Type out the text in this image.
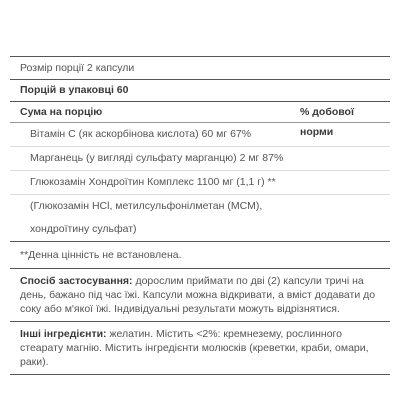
Розмір порції 2 капсули
Порцій в упаковці 60
Сума на порцію	% добової норми
Вітамін C (як аскорбінова кислота) 60 мг 67%
Марганець (у вигляді сульфату марганцю) 2 мг 87%
Глюкозамін Хондроїтин Комплекс 1100 мг (1,1 г) **
(Глюкозамін HCl, метилсульфонілметан (MCM),
хондроїтину сульфат)
**Денна цінність не встановлена.
Спосіб застосування: дорослим приймати по дві (2) капсули тричі на день, бажано під час їжі. Капсули можна відкривати, а вміст додавати до соку або м'якої їжі. Індивідуальні результати можуть відрізнятися.
Інші інгредієнти: желатин. Містить <2%: кремнезему, рослинного стеарату магнію. Містить інгредієнти молюсків (креветки, краби, омари, раки).
